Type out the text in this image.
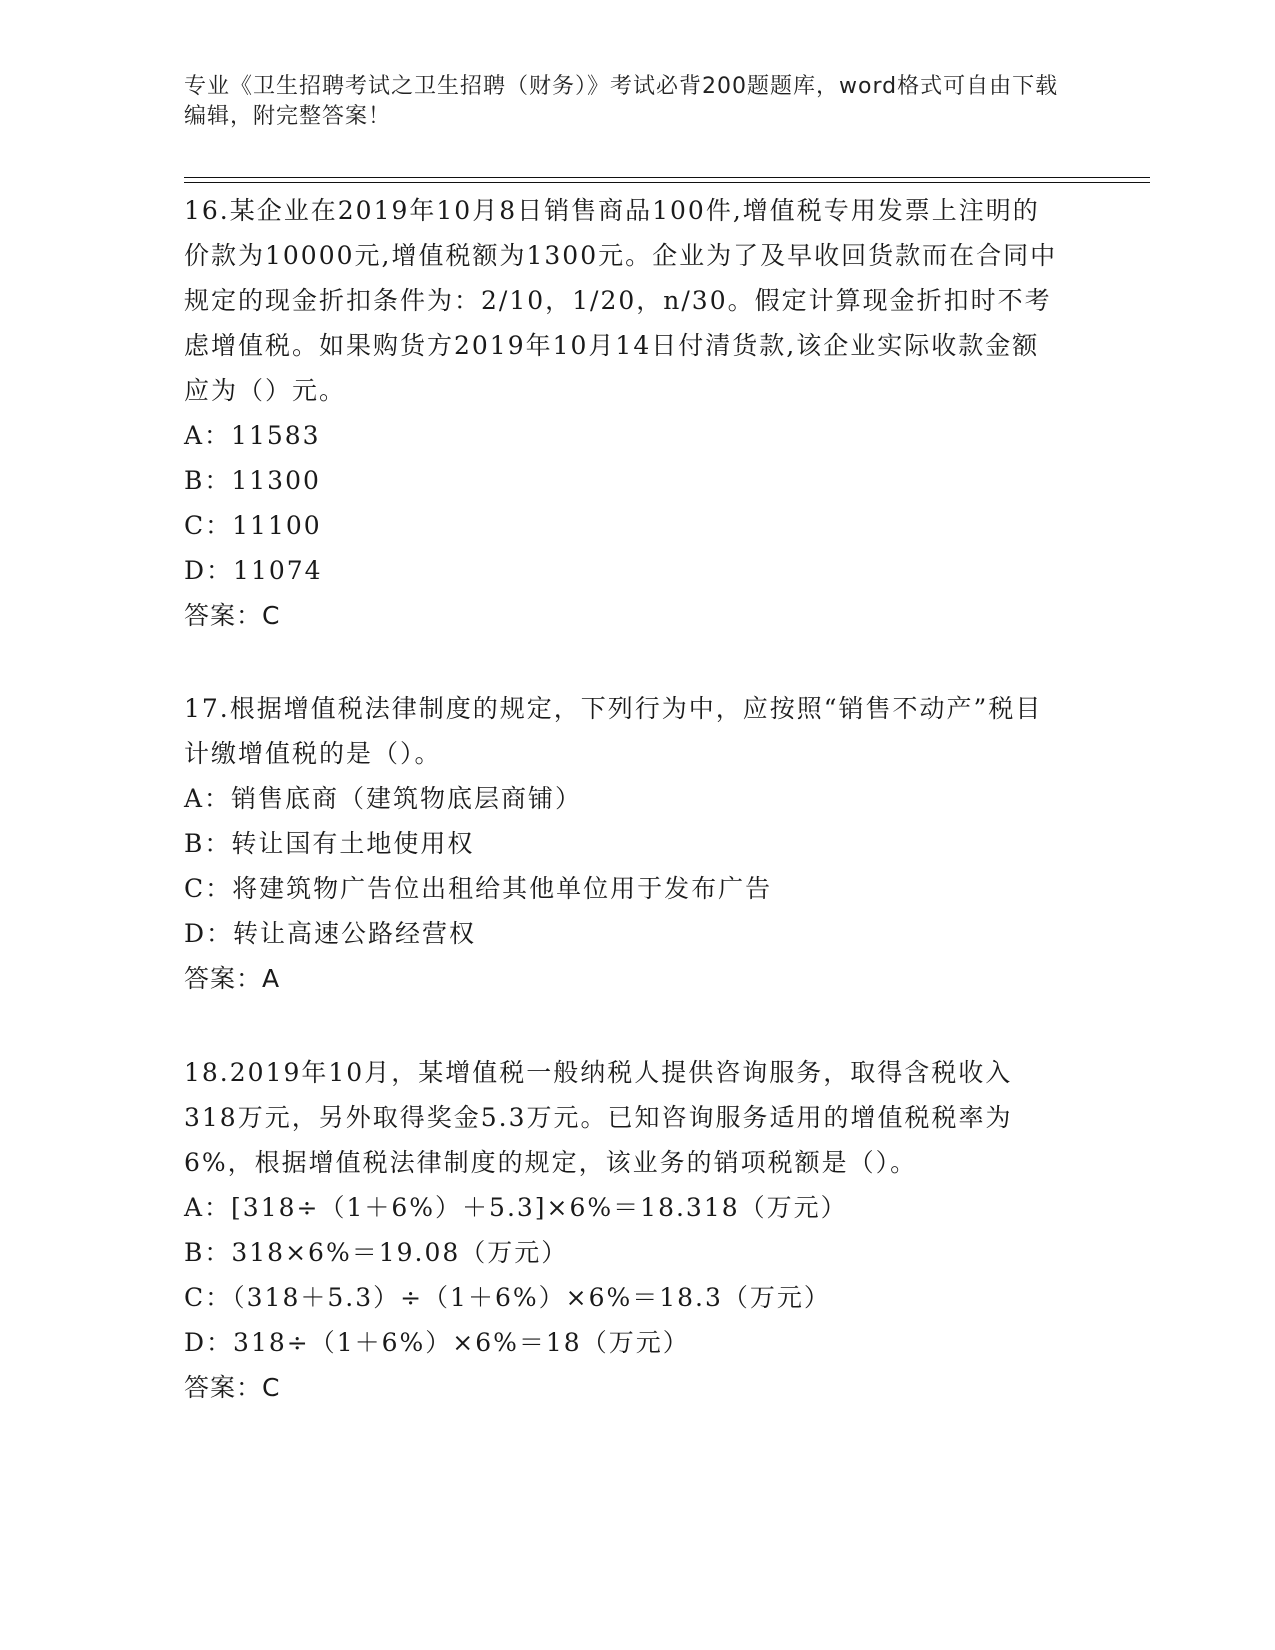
专业《卫生招聘考试之卫生招聘（财务）》考试必背200题题库，word格式可自由下载编辑，附完整答案！

16.某企业在2019年10月8日销售商品100件,增值税专用发票上注明的价款为10000元,增值税额为1300元。企业为了及早收回货款而在合同中规定的现金折扣条件为：2/10，1/20，n/30。假定计算现金折扣时不考虑增值税。如果购货方2019年10月14日付清货款,该企业实际收款金额应为（）元。

A：11583
B：11300
C：11100
D：11074
答案：C

17.根据增值税法律制度的规定，下列行为中，应按照“销售不动产”税目计缴增值税的是（）。

A：销售底商（建筑物底层商铺）
B：转让国有土地使用权
C：将建筑物广告位出租给其他单位用于发布广告
D：转让高速公路经营权
答案：A

18.2019年10月，某增值税一般纳税人提供咨询服务，取得含税收入318万元，另外取得奖金5.3万元。已知咨询服务适用的增值税税率为6%，根据增值税法律制度的规定，该业务的销项税额是（）。

A：[318÷（1＋6%）＋5.3]×6%＝18.318（万元）
B：318×6%＝19.08（万元）
C：（318＋5.3）÷（1＋6%）×6%＝18.3（万元）
D：318÷（1＋6%）×6%＝18（万元）
答案：C
